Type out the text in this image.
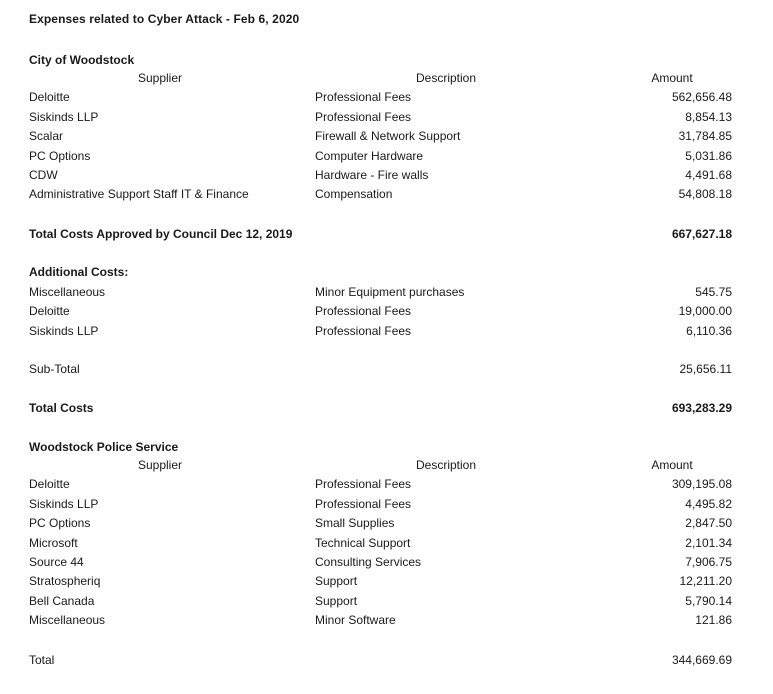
Expenses related to Cyber Attack - Feb 6, 2020
City of Woodstock
Supplier	Description	Amount
Deloitte	Professional Fees	562,656.48
Siskinds LLP	Professional Fees	8,854.13
Scalar	Firewall & Network Support	31,784.85
PC Options	Computer Hardware	5,031.86
CDW	Hardware - Fire walls	4,491.68
Administrative Support Staff IT & Finance	Compensation	54,808.18
Total Costs Approved by Council Dec 12, 2019	667,627.18
Additional Costs:
Miscellaneous	Minor Equipment purchases	545.75
Deloitte	Professional Fees	19,000.00
Siskinds LLP	Professional Fees	6,110.36
Sub-Total	25,656.11
Total Costs	693,283.29
Woodstock Police Service
Supplier	Description	Amount
Deloitte	Professional Fees	309,195.08
Siskinds LLP	Professional Fees	4,495.82
PC Options	Small Supplies	2,847.50
Microsoft	Technical Support	2,101.34
Source 44	Consulting Services	7,906.75
Stratospheriq	Support	12,211.20
Bell Canada	Support	5,790.14
Miscellaneous	Minor Software	121.86
Total	344,669.69
